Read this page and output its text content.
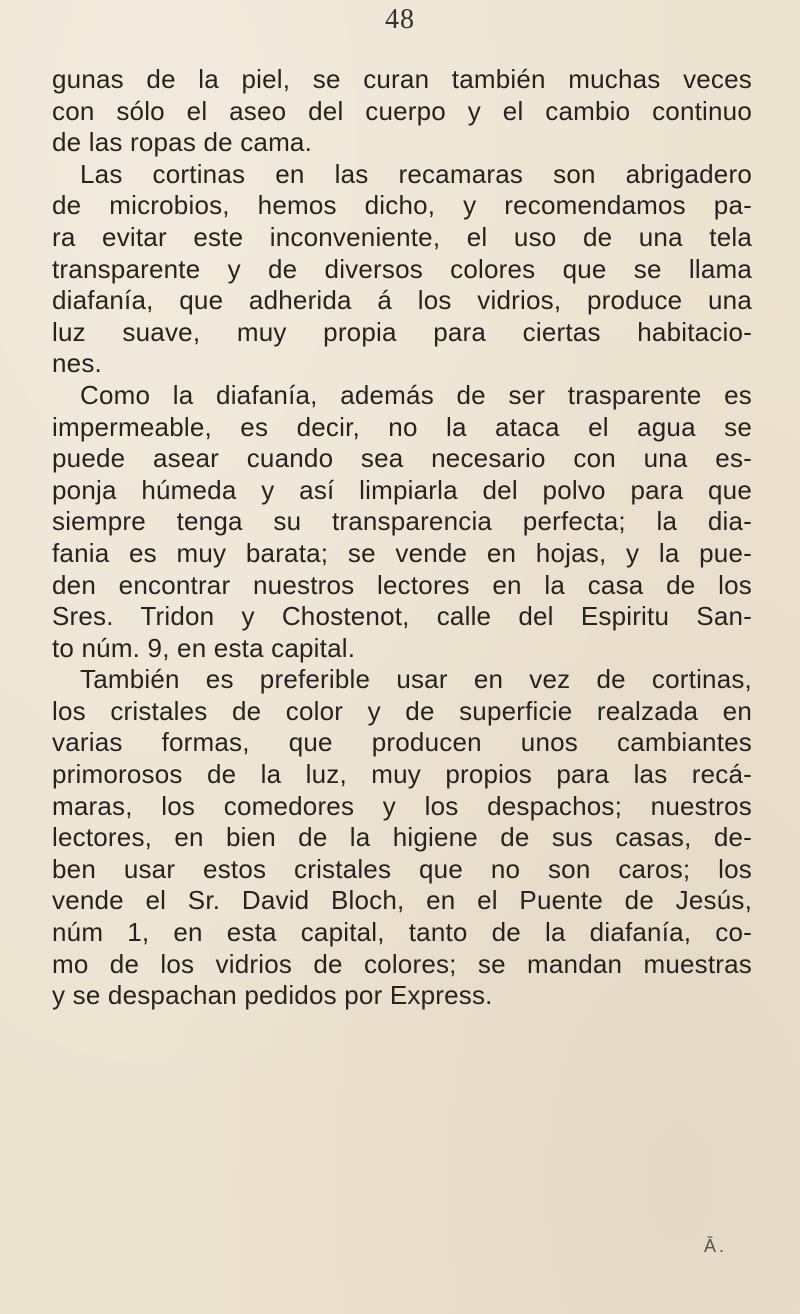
48
gunas de la piel, se curan también muchas veces
con sólo el aseo del cuerpo y el cambio continuo
de las ropas de cama.
Las cortinas en las recamaras son abrigadero
de microbios, hemos dicho, y recomendamos pa-
ra evitar este inconveniente, el uso de una tela
transparente y de diversos colores que se llama
diafanía, que adherida á los vidrios, produce una
luz suave, muy propia para ciertas habitacio-
nes.
Como la diafanía, además de ser trasparente es
impermeable, es decir, no la ataca el agua se
puede asear cuando sea necesario con una es-
ponja húmeda y así limpiarla del polvo para que
siempre tenga su transparencia perfecta; la dia-
fania es muy barata; se vende en hojas, y la pue-
den encontrar nuestros lectores en la casa de los
Sres. Tridon y Chostenot, calle del Espiritu San-
to núm. 9, en esta capital.
También es preferible usar en vez de cortinas,
los cristales de color y de superficie realzada en
varias formas, que producen unos cambiantes
primorosos de la luz, muy propios para las recá-
maras, los comedores y los despachos; nuestros
lectores, en bien de la higiene de sus casas, de-
ben usar estos cristales que no son caros; los
vende el Sr. David Bloch, en el Puente de Jesús,
núm 1, en esta capital, tanto de la diafanía, co-
mo de los vidrios de colores; se mandan muestras
y se despachan pedidos por Express.
Ā.
